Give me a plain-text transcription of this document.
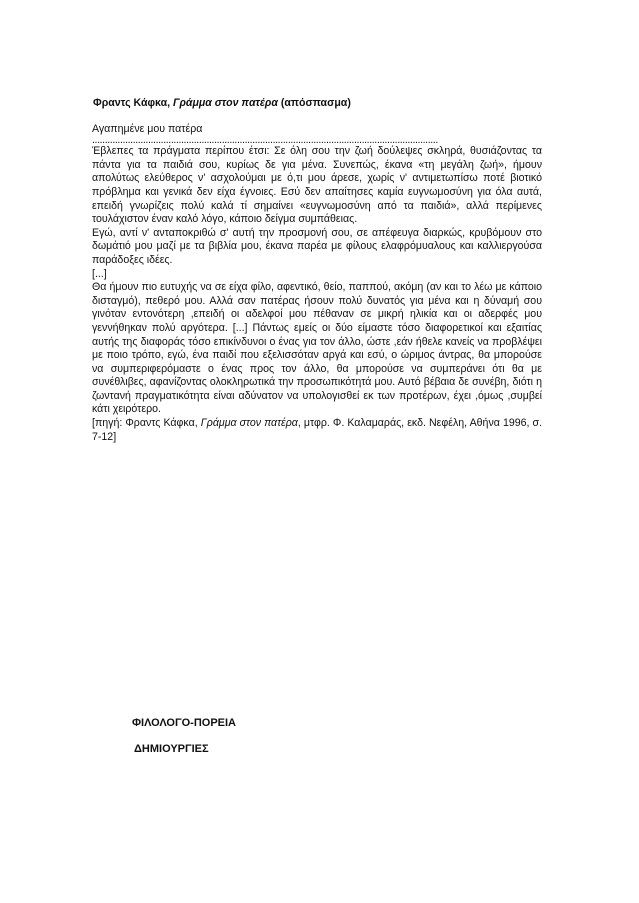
Φραντς Κάφκα, Γράμμα στον πατέρα (απόσπασμα)

Αγαπημένε μου πατέρα

........................................................................................................................................

Έβλεπες τα πράγματα περίπου έτσι: Σε όλη σου την ζωή δούλεψες σκληρά, θυσιάζοντας τα πάντα για τα παιδιά σου, κυρίως δε για μένα. Συνεπώς, έκανα «τη μεγάλη ζωή», ήμουν απολύτως ελεύθερος ν' ασχολούμαι με ό,τι μου άρεσε, χωρίς ν' αντιμετωπίσω ποτέ βιοτικό πρόβλημα και γενικά δεν είχα έγνοιες. Εσύ δεν απαίτησες καμία ευγνωμοσύνη για όλα αυτά, επειδή γνωρίζεις πολύ καλά τί σημαίνει «ευγνωμοσύνη από τα παιδιά», αλλά περίμενες τουλάχιστον έναν καλό λόγο, κάποιο δείγμα συμπάθειας.

Εγώ, αντί ν' ανταποκριθώ σ' αυτή την προσμονή σου, σε απέφευγα διαρκώς, κρυβόμουν στο δωμάτιό μου μαζί με τα βιβλία μου, έκανα παρέα με φίλους ελαφρόμυαλους και καλλιεργούσα παράδοξες ιδέες.

[...]

Θα ήμουν πιο ευτυχής να σε είχα φίλο, αφεντικό, θείο, παππού, ακόμη (αν και το λέω με κάποιο δισταγμό), πεθερό μου. Αλλά σαν πατέρας ήσουν πολύ δυνατός για μένα και η δύναμή σου γινόταν εντονότερη ,επειδή οι αδελφοί μου πέθαναν σε μικρή ηλικία και οι αδερφές μου γεννήθηκαν πολύ αργότερα. [...] Πάντως εμείς οι δύο είμαστε τόσο διαφορετικοί και εξαιτίας αυτής της διαφοράς τόσο επικίνδυνοι ο ένας για τον άλλο, ώστε ,εάν ήθελε κανείς να προβλέψει με ποιο τρόπο, εγώ, ένα παιδί που εξελισσόταν αργά και εσύ, ο ώριμος άντρας, θα μπορούσε να συμπεριφερόμαστε ο ένας προς τον άλλο, θα μπορούσε να συμπεράνει ότι θα με συνέθλιβες, αφανίζοντας ολοκληρωτικά την προσωπικότητά μου. Αυτό βέβαια δε συνέβη, διότι η ζωντανή πραγματικότητα είναι αδύνατον να υπολογισθεί εκ των προτέρων, έχει ,όμως ,συμβεί κάτι χειρότερο.

[πηγή: Φραντς Κάφκα, Γράμμα στον πατέρα, μτφρ. Φ. Καλαμαράς, εκδ. Νεφέλη, Αθήνα 1996, σ. 7-12]

ΦΙΛΟΛΟΓΟ-ΠΟΡΕΙΑ
ΔΗΜΙΟΥΡΓΙΕΣ
